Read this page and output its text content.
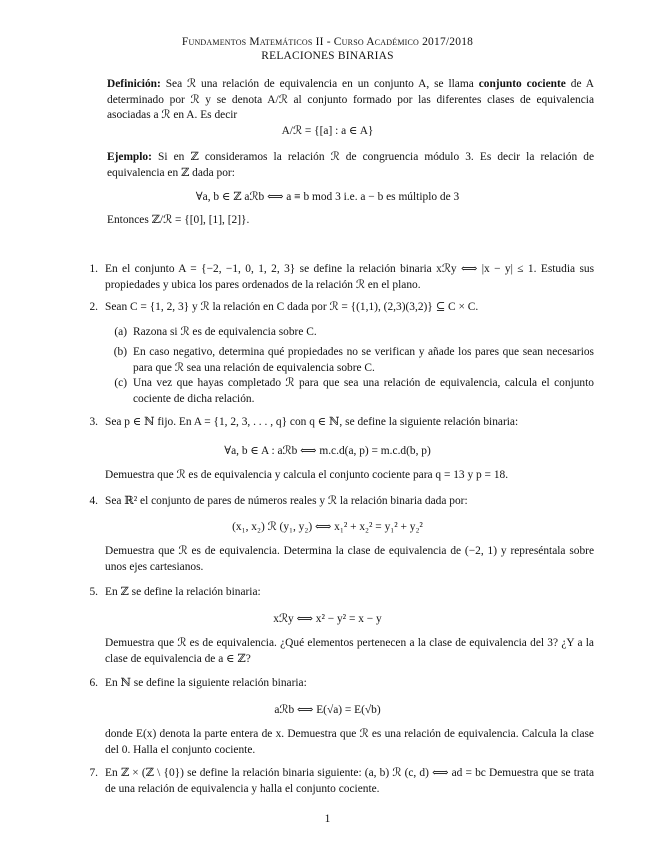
Fundamentos Matemáticos II - Curso Académico 2017/2018
RELACIONES BINARIAS
Definición: Sea ℛ una relación de equivalencia en un conjunto A, se llama conjunto cociente de A determinado por ℛ y se denota A/ℛ al conjunto formado por las diferentes clases de equivalencia asociadas a ℛ en A. Es decir
A/ℛ = {[a] : a ∈ A}
Ejemplo: Si en ℤ consideramos la relación ℛ de congruencia módulo 3. Es decir la relación de equivalencia en ℤ dada por:
∀a, b ∈ ℤ aℛb ⟺ a ≡ b mod 3 i.e. a − b es múltiplo de 3
Entonces ℤ/ℛ = {[0], [1], [2]}.
1. En el conjunto A = {−2, −1, 0, 1, 2, 3} se define la relación binaria xℛy ⟺ |x − y| ≤ 1. Estudia sus propiedades y ubica los pares ordenados de la relación ℛ en el plano.
2. Sean C = {1, 2, 3} y ℛ la relación en C dada por ℛ = {(1,1), (2,3)(3,2)} ⊆ C × C.
(a) Razona si ℛ es de equivalencia sobre C.
(b) En caso negativo, determina qué propiedades no se verifican y añade los pares que sean necesarios para que ℛ sea una relación de equivalencia sobre C.
(c) Una vez que hayas completado ℛ para que sea una relación de equivalencia, calcula el conjunto cociente de dicha relación.
3. Sea p ∈ ℕ fijo. En A = {1, 2, 3, . . . , q} con q ∈ ℕ, se define la siguiente relación binaria:
∀a, b ∈ A : aℛb ⟺ m.c.d(a, p) = m.c.d(b, p)
Demuestra que ℛ es de equivalencia y calcula el conjunto cociente para q = 13 y p = 18.
4. Sea ℝ² el conjunto de pares de números reales y ℛ la relación binaria dada por:
(x₁, x₂) ℛ (y₁, y₂) ⟺ x₁² + x₂² = y₁² + y₂²
Demuestra que ℛ es de equivalencia. Determina la clase de equivalencia de (−2, 1) y represéntala sobre unos ejes cartesianos.
5. En ℤ se define la relación binaria:
xℛy ⟺ x² − y² = x − y
Demuestra que ℛ es de equivalencia. ¿Qué elementos pertenecen a la clase de equivalencia del 3? ¿Y a la clase de equivalencia de a ∈ ℤ?
6. En ℕ se define la siguiente relación binaria:
aℛb ⟺ E(√a) = E(√b)
donde E(x) denota la parte entera de x. Demuestra que ℛ es una relación de equivalencia. Calcula la clase del 0. Halla el conjunto cociente.
7. En ℤ × (ℤ \ {0}) se define la relación binaria siguiente: (a, b) ℛ (c, d) ⟺ ad = bc Demuestra que se trata de una relación de equivalencia y halla el conjunto cociente.
1
